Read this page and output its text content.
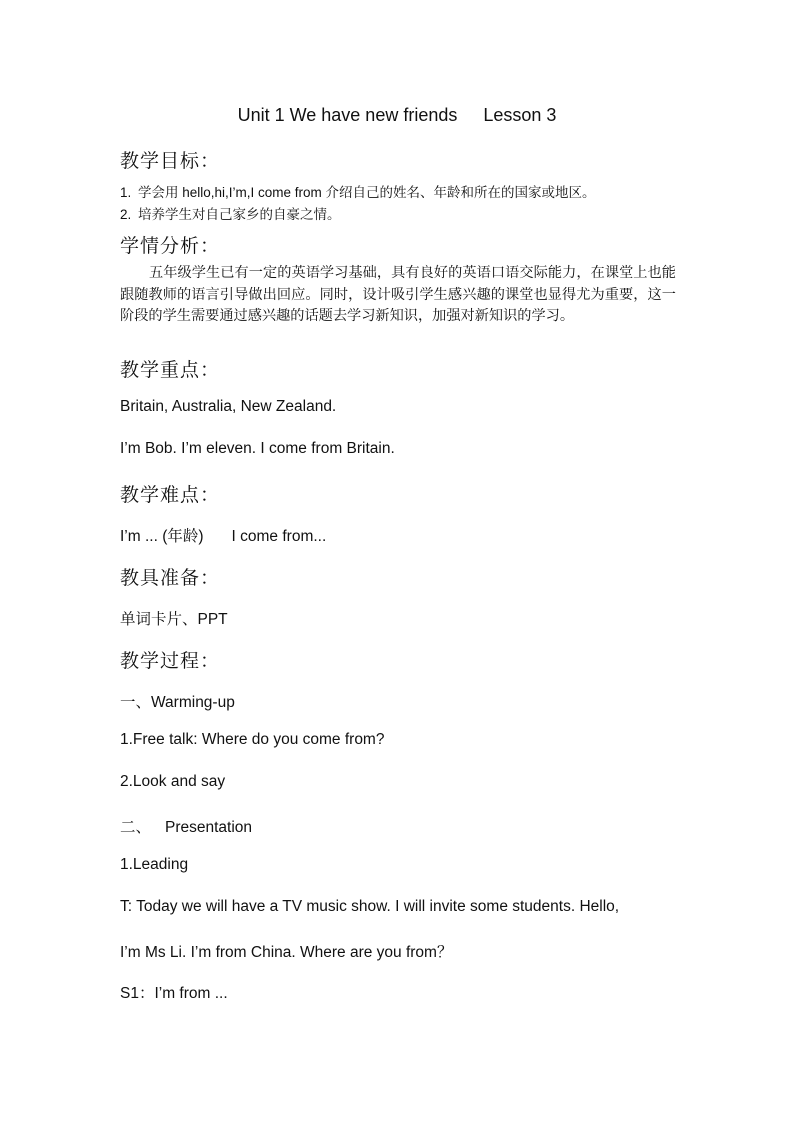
Unit 1 We have new friends Lesson 3
教学目标：
1. 学会用 hello,hi,I’m,I come from 介绍自己的姓名、年龄和所在的国家或地区。
2. 培养学生对自己家乡的自豪之情。
学情分析：
五年级学生已有一定的英语学习基础，具有良好的英语口语交际能力，在课堂上也能跟随教师的语言引导做出回应。同时，设计吸引学生感兴趣的课堂也显得尤为重要，这一阶段的学生需要通过感兴趣的话题去学习新知识，加强对新知识的学习。
教学重点：
Britain, Australia, New Zealand.
I’m Bob. I’m eleven. I come from Britain.
教学难点：
I’m ... (年龄) I come from...
教具准备：
单词卡片、PPT
教学过程：
一、Warming-up
1.Free talk: Where do you come from?
2.Look and say
二、 Presentation
1.Leading
T: Today we will have a TV music show. I will invite some students. Hello,
I’m Ms Li. I’m from China. Where are you from？
S1：I’m from ...
